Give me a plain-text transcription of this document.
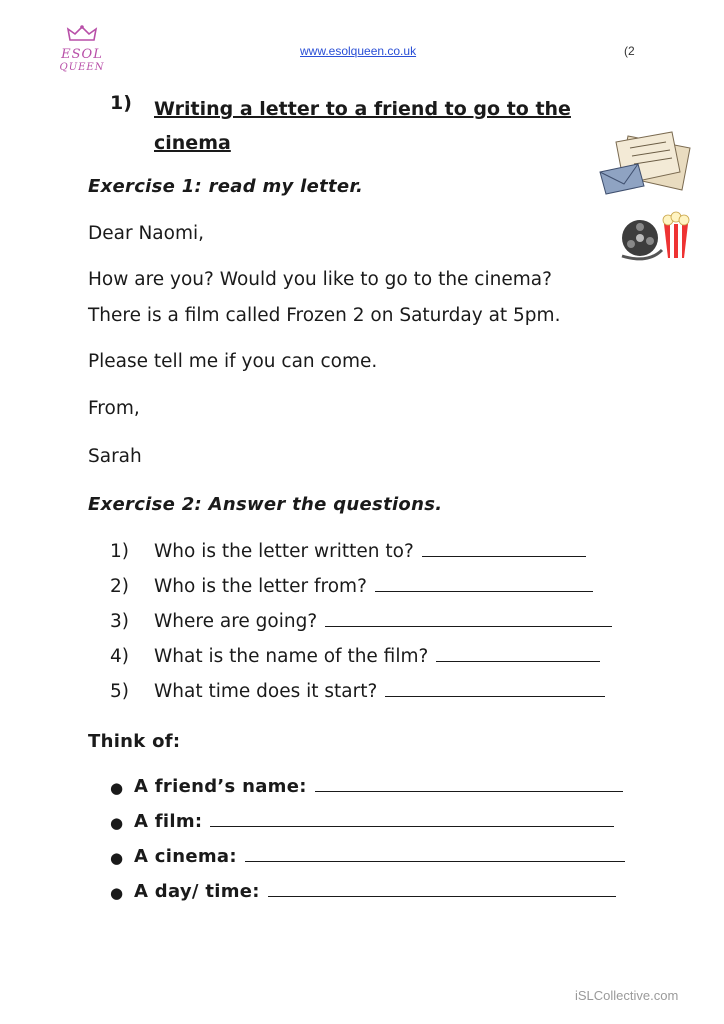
ESOL
QUEEN
www.esolqueen.co.uk	(2
1) Writing a letter to a friend to go to the cinema
Exercise 1: read my letter.
Dear Naomi,
How are you? Would you like to go to the cinema?
There is a film called Frozen 2 on Saturday at 5pm.
Please tell me if you can come.
From,
Sarah
Exercise 2: Answer the questions.
1) Who is the letter written to?
2) Who is the letter from?
3) Where are going?
4) What is the name of the film?
5) What time does it start?
Think of:
● A friend’s name:
● A film:
● A cinema:
● A day/ time:
iSLCollective.com
